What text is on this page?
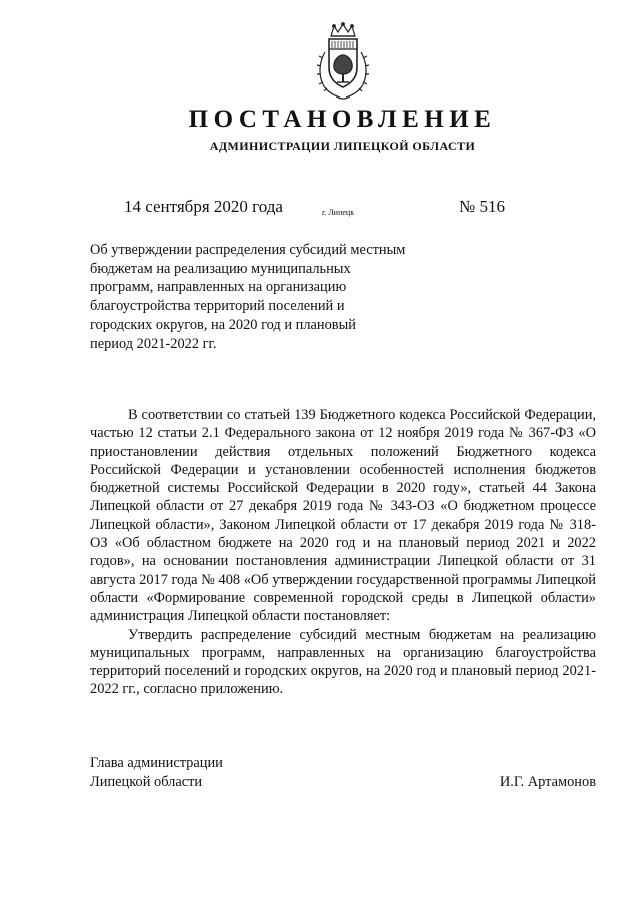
ПОСТАНОВЛЕНИЕ
АДМИНИСТРАЦИИ ЛИПЕЦКОЙ ОБЛАСТИ
14 сентября 2020 года	г. Липецк	№ 516
Об утверждении распределения субсидий местным
бюджетам на реализацию муниципальных
программ, направленных на организацию
благоустройства территорий поселений и
городских округов, на 2020 год и плановый
период 2021-2022 гг.

В соответствии со статьей 139 Бюджетного кодекса Российской Федерации, частью 12 статьи 2.1 Федерального закона от 12 ноября 2019 года № 367-ФЗ «О приостановлении действия отдельных положений Бюджетного кодекса Российской Федерации и установлении особенностей исполнения бюджетов бюджетной системы Российской Федерации в 2020 году», статьей 44 Закона Липецкой области от 27 декабря 2019 года № 343-ОЗ «О бюджетном процессе Липецкой области», Законом Липецкой области от 17 декабря 2019 года № 318-ОЗ «Об областном бюджете на 2020 год и на плановый период 2021 и 2022 годов», на основании постановления администрации Липецкой области от 31 августа 2017 года № 408 «Об утверждении государственной программы Липецкой области «Формирование современной городской среды в Липецкой области» администрация Липецкой области постановляет:

Утвердить распределение субсидий местным бюджетам на реализацию муниципальных программ, направленных на организацию благоустройства территорий поселений и городских округов, на 2020 год и плановый период 2021-2022 гг., согласно приложению.

Глава администрации
Липецкой области	И.Г. Артамонов
